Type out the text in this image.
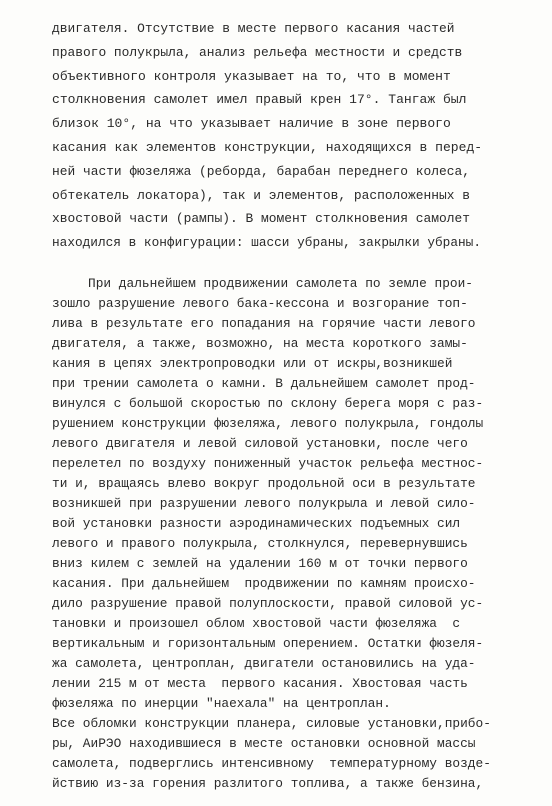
двигателя. Отсутствие в месте первого касания частей
правого полукрыла, анализ рельефа местности и средств
объективного контроля указывает на то, что в момент
столкновения самолет имел правый крен 17°. Тангаж был
близок 10°, на что указывает наличие в зоне первого
касания как элементов конструкции, находящихся в перед-
ней части фюзеляжа (реборда, барабан переднего колеса,
обтекатель локатора), так и элементов, расположенных в
хвостовой части (рампы). В момент столкновения самолет
находился в конфигурации: шасси убраны, закрылки убраны.
При дальнейшем продвижении самолета по земле прои-
зошло разрушение левого бака-кессона и возгорание топ-
лива в результате его попадания на горячие части левого
двигателя, а также, возможно, на места короткого замы-
кания в цепях электропроводки или от искры,возникшей
при трении самолета о камни. В дальнейшем самолет прод-
винулся с большой скоростью по склону берега моря с раз-
рушением конструкции фюзеляжа, левого полукрыла, гондолы
левого двигателя и левой силовой установки, после чего
перелетел по воздуху пониженный участок рельефа местнос-
ти и, вращаясь влево вокруг продольной оси в результате
возникшей при разрушении левого полукрыла и левой сило-
вой установки разности аэродинамических подъемных сил
левого и правого полукрыла, столкнулся, перевернувшись
вниз килем с землей на удалении 160 м от точки первого
касания. При дальнейшем  продвижении по камням происхо-
дило разрушение правой полуплоскости, правой силовой ус-
тановки и произошел облом хвостовой части фюзеляжа  с
вертикальным и горизонтальным оперением. Остатки фюзеля-
жа самолета, центроплан, двигатели остановились на уда-
лении 215 м от места  первого касания. Хвостовая часть
фюзеляжа по инерции "наехала" на центроплан.
Все обломки конструкции планера, силовые установки,прибо-
ры, АиРЭО находившиеся в месте остановки основной массы
самолета, подверглись интенсивному  температурному возде-
йствию из-за горения разлитого топлива, а также бензина,
